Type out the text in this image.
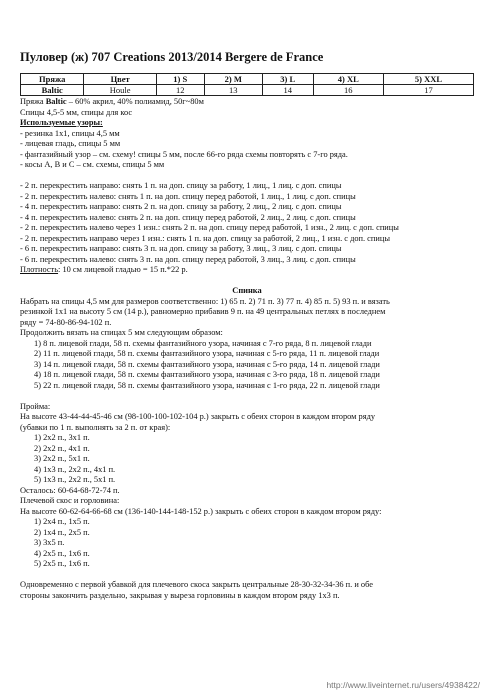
Пуловер (ж) 707 Creations 2013/2014 Bergere de France
Пряжа	Цвет	1) S	2) M	3) L	4) XL	5) XXL
Baltic	Houle	12	13	14	16	17
Пряжа Baltic – 60% акрил, 40% полиамид, 50г~80м
Спицы 4,5-5 мм, спицы для кос
Используемые узоры:
- резинка 1х1, спицы 4,5 мм
- лицевая гладь, спицы 5 мм
- фантазийный узор – см. схему! спицы 5 мм, после 66-го ряда схемы повторять с 7-го ряда.
- косы А, В и С – см. схемы, спицы 5 мм
- 2 п. перекрестить направо: снять 1 п. на доп. спицу за работу, 1 лиц., 1 лиц. с доп. спицы
- 2 п. перекрестить налево: снять 1 п. на доп. спицу перед работой, 1 лиц., 1 лиц. с доп. спицы
- 4 п. перекрестить направо: снять 2 п. на доп. спицу за работу, 2 лиц., 2 лиц. с доп. спицы
- 4 п. перекрестить налево: снять 2 п. на доп. спицу перед работой, 2 лиц., 2 лиц. с доп. спицы
- 2 п. перекрестить налево через 1 изн.: снять 2 п. на доп. спицу перед работой, 1 изн., 2 лиц. с доп. спицы
- 2 п. перекрестить направо через 1 изн.: снять 1 п. на доп. спицу за работой, 2 лиц., 1 изн. с доп. спицы
- 6 п. перекрестить направо: снять 3 п. на доп. спицу за работу, 3 лиц., 3 лиц. с доп. спицы
- 6 п. перекрестить налево: снять 3 п. на доп. спицу перед работой, 3 лиц., 3 лиц. с доп. спицы
Плотность: 10 см лицевой гладью = 15 п.*22 р.
Спинка
Набрать на спицы 4,5 мм для размеров соответственно: 1) 65 п. 2) 71 п. 3) 77 п. 4) 85 п. 5) 93 п. и вязать
резинкой 1х1 на высоту 5 см (14 р.), равномерно прибавив 9 п. на 49 центральных петлях в последнем
ряду = 74-80-86-94-102 п.
Продолжить вязать на спицах 5 мм следующим образом:
1) 8 п. лицевой глади, 58 п. схемы фантазийного узора, начиная с 7-го ряда, 8 п. лицевой глади
2) 11 п. лицевой глади, 58 п. схемы фантазийного узора, начиная с 5-го ряда, 11 п. лицевой глади
3) 14 п. лицевой глади, 58 п. схемы фантазийного узора, начиная с 5-го ряда, 14 п. лицевой глади
4) 18 п. лицевой глади, 58 п. схемы фантазийного узора, начиная с 3-го ряда, 18 п. лицевой глади
5) 22 п. лицевой глади, 58 п. схемы фантазийного узора, начиная с 1-го ряда, 22 п. лицевой глади
Пройма:
На высоте 43-44-44-45-46 см (98-100-100-102-104 р.) закрыть с обеих сторон в каждом втором ряду
(убавки по 1 п. выполнять за 2 п. от края):
1) 2х2 п., 3х1 п.
2) 2х2 п., 4х1 п.
3) 2х2 п., 5х1 п.
4) 1х3 п., 2х2 п., 4х1 п.
5) 1х3 п., 2х2 п., 5х1 п.
Осталось: 60-64-68-72-74 п.
Плечевой скос и горловина:
На высоте 60-62-64-66-68 см (136-140-144-148-152 р.) закрыть с обеих сторон в каждом втором ряду:
1) 2х4 п., 1х5 п.
2) 1х4 п., 2х5 п.
3) 3х5 п.
4) 2х5 п., 1х6 п.
5) 2х5 п., 1х6 п.
Одновременно с первой убавкой для плечевого скоса закрыть центральные 28-30-32-34-36 п. и обе
стороны закончить раздельно, закрывая у выреза горловины в каждом втором ряду 1х3 п.
http://www.liveinternet.ru/users/4938422/
